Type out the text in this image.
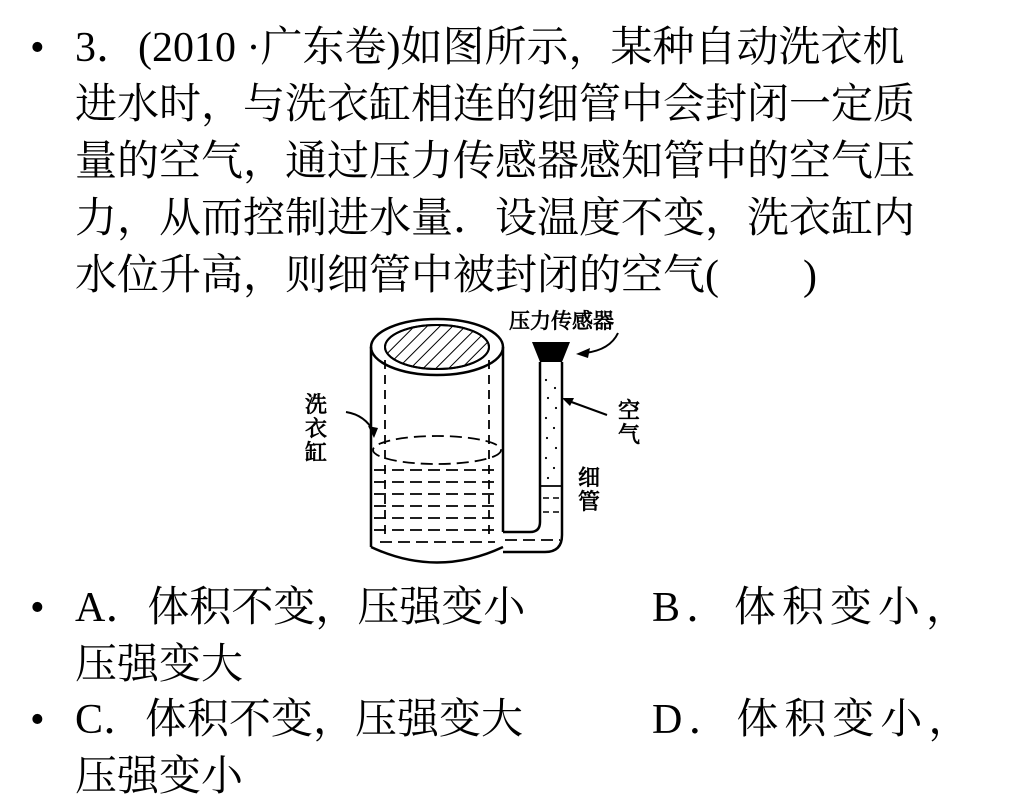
• 3．(2010 ·广东卷)如图所示，某种自动洗衣机
进水时，与洗衣缸相连的细管中会封闭一定质
量的空气，通过压力传感器感知管中的空气压
力，从而控制进水量．设温度不变，洗衣缸内
水位升高，则细管中被封闭的空气(　　)
压力传感器
洗衣缸
空气
细管
• A．体积不变，压强变小	B．体积变小，
压强变大
• C．体积不变，压强变大	D．体积变小，
压强变小
